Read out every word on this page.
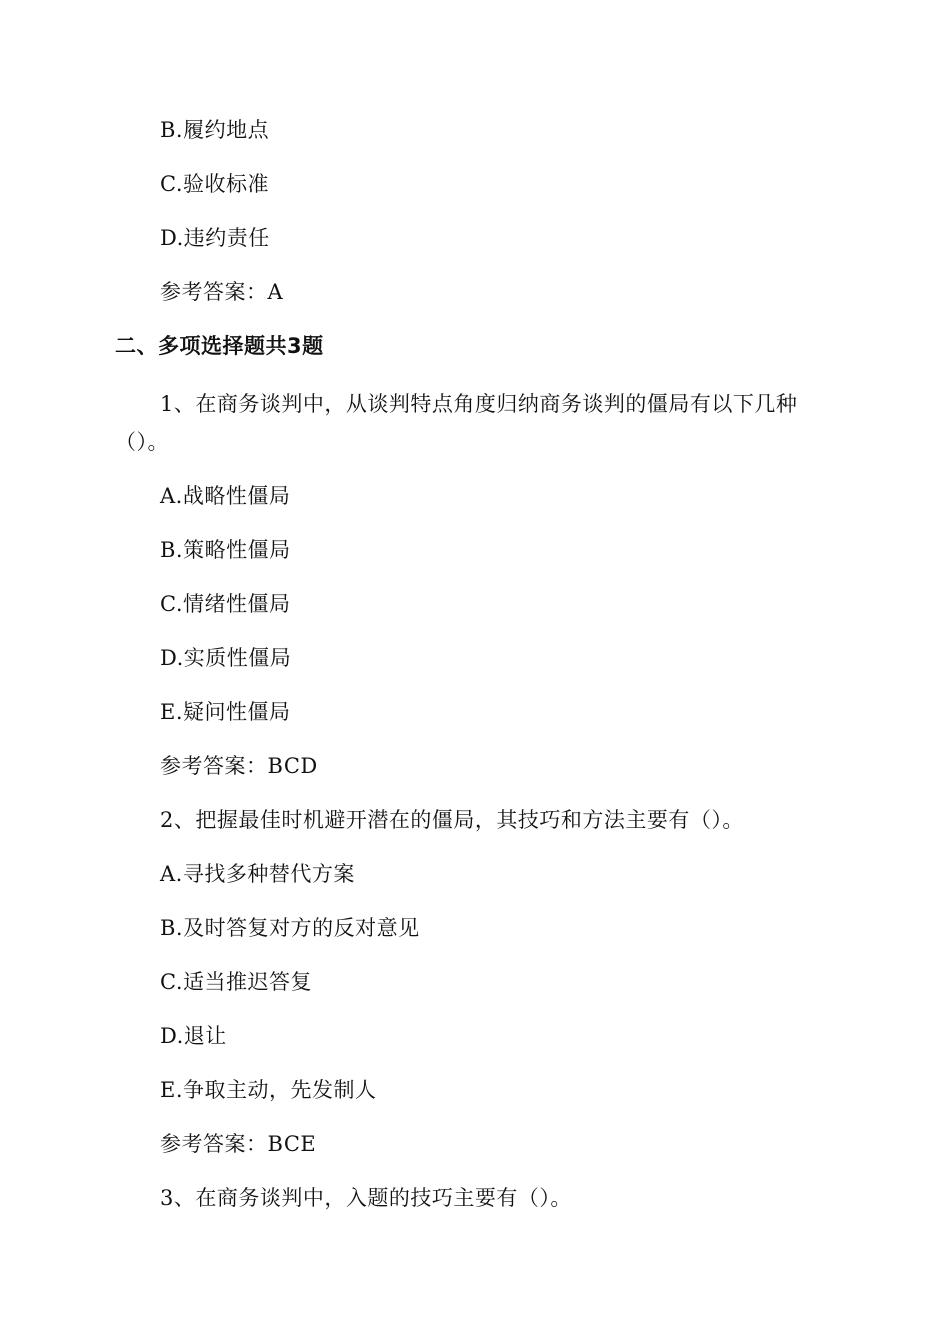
B.履约地点
C.验收标准
D.违约责任
参考答案：A
二、多项选择题共3题
1、在商务谈判中，从谈判特点角度归纳商务谈判的僵局有以下几种
（）。
A.战略性僵局
B.策略性僵局
C.情绪性僵局
D.实质性僵局
E.疑问性僵局
参考答案：BCD
2、把握最佳时机避开潜在的僵局，其技巧和方法主要有（）。
A.寻找多种替代方案
B.及时答复对方的反对意见
C.适当推迟答复
D.退让
E.争取主动，先发制人
参考答案：BCE
3、在商务谈判中，入题的技巧主要有（）。
